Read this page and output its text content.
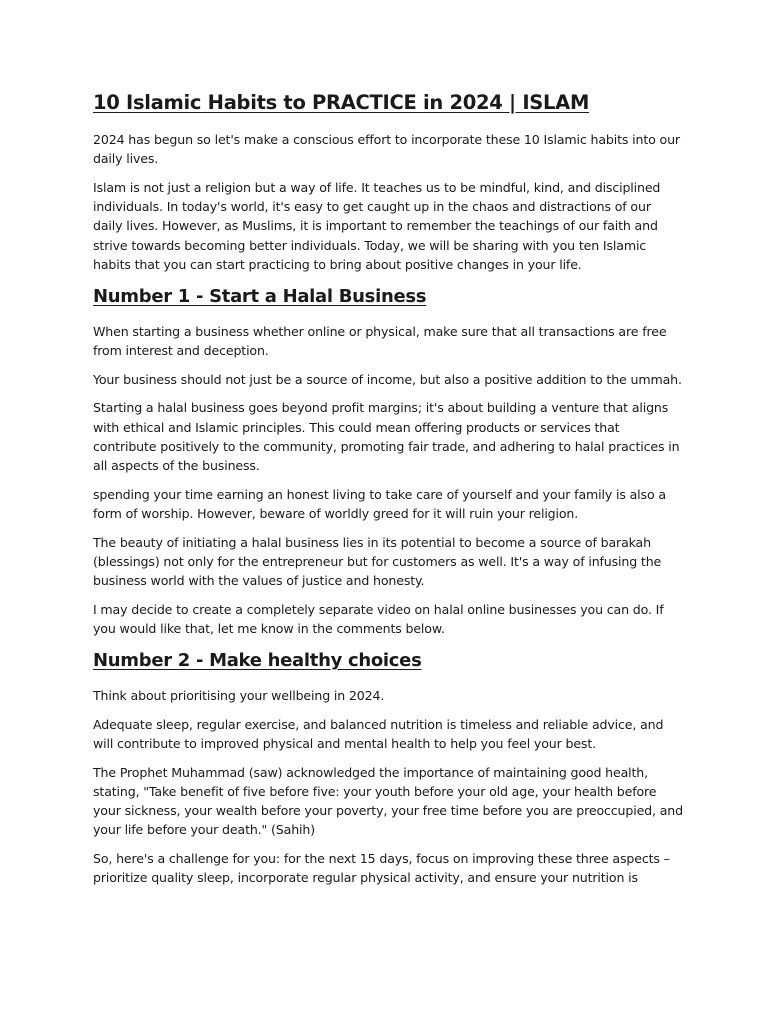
10 Islamic Habits to PRACTICE in 2024 | ISLAM

2024 has begun so let's make a conscious effort to incorporate these 10 Islamic habits into our daily lives.

Islam is not just a religion but a way of life. It teaches us to be mindful, kind, and disciplined individuals. In today's world, it's easy to get caught up in the chaos and distractions of our daily lives. However, as Muslims, it is important to remember the teachings of our faith and strive towards becoming better individuals. Today, we will be sharing with you ten Islamic habits that you can start practicing to bring about positive changes in your life.

Number 1 - Start a Halal Business

When starting a business whether online or physical, make sure that all transactions are free from interest and deception.

Your business should not just be a source of income, but also a positive addition to the ummah.

Starting a halal business goes beyond profit margins; it's about building a venture that aligns with ethical and Islamic principles. This could mean offering products or services that contribute positively to the community, promoting fair trade, and adhering to halal practices in all aspects of the business.

spending your time earning an honest living to take care of yourself and your family is also a form of worship. However, beware of worldly greed for it will ruin your religion.

The beauty of initiating a halal business lies in its potential to become a source of barakah (blessings) not only for the entrepreneur but for customers as well. It's a way of infusing the business world with the values of justice and honesty.

I may decide to create a completely separate video on halal online businesses you can do. If you would like that, let me know in the comments below.

Number 2 - Make healthy choices

Think about prioritising your wellbeing in 2024.

Adequate sleep, regular exercise, and balanced nutrition is timeless and reliable advice, and will contribute to improved physical and mental health to help you feel your best.

The Prophet Muhammad (saw) acknowledged the importance of maintaining good health, stating, "Take benefit of five before five: your youth before your old age, your health before your sickness, your wealth before your poverty, your free time before you are preoccupied, and your life before your death." (Sahih)

So, here's a challenge for you: for the next 15 days, focus on improving these three aspects – prioritize quality sleep, incorporate regular physical activity, and ensure your nutrition is
